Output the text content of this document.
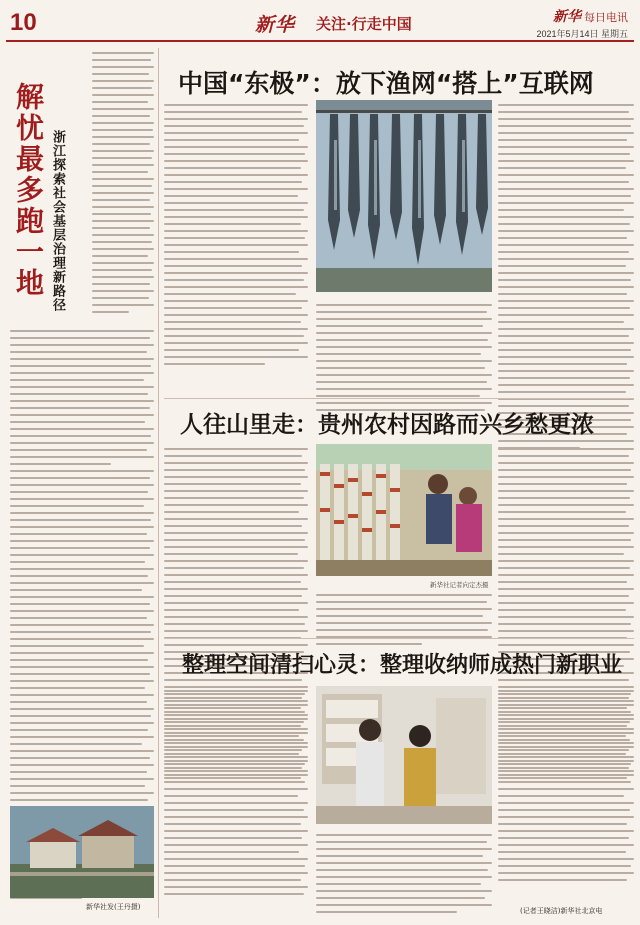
10	新华 关注·行走中国	新华 每日电讯
2021年5月14日 星期五
解忧最多跑一地 浙江探索社会基层治理新路径
新华社发(王丹摄)
中国“东极”：放下渔网“搭上”互联网
人往山里走：贵州农村因路而兴乡愁更浓
新华社记者向定杰摄
整理空间清扫心灵：整理收纳师成热门新职业
(记者王晓洁)新华社北京电
